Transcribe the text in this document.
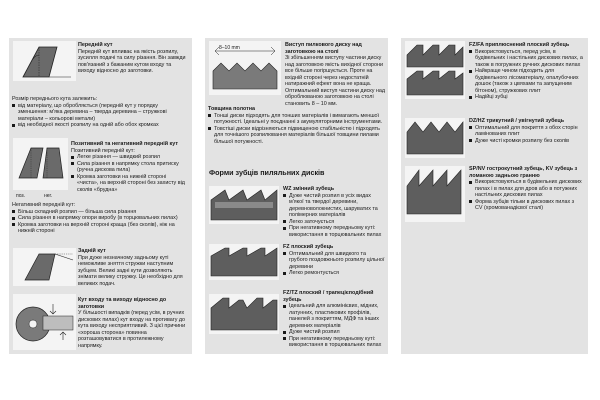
Передній кут
Передній кут впливає на якість розпилу, зусилля подачі та силу різання. Він завжди пов'язаний з бажаним кутом входу та виходу відносно до заготовки.
Розмір переднього кута залежить:
від матеріалу, що обробляється (передній кут у порядку зменшення: м'яка деревина – тверда деревина – стружкові матеріали – кольорові метали)
від необхідної якості розпилу на одній або обох кромках
поз.	нег.
Позитивний та негативний передній кут
Позитивний передній кут:
Легке різання — швидкий розпил
Сила різання в напрямку стола притиску (ручна дискова пила)
Кромка заготовки на нижній стороні «чиста», на верхній стороні без захисту від сколів «брудна»
Негативний передній кут:
Більш складний розпил — більша сила різання
Сила різання в напрямку опори виробу (в торцювальних пилах)
Кромка заготовки на верхній стороні краща (без сколів), ніж на нижній стороні
Задній кут
При дуже незначному задньому куті неможливе зняття стружки наступним зубцем. Великі задні кути дозволяють знімати велику стружку. Це необхідно для великих подач.
Кут входу та виходу відносно до заготовки
У більшості випадків (перед усім, в ручних дискових пилах) кут входу на противагу до кута виходу несприятливий. З цієї причини «хороша сторона» повинна розташовуватися в протилежному напрямку.
8–10 mm	Виступ пилкового диску над заготовкою на столі
Зі збільшенням виступу частини диску над заготовкою якість вихідної сторони все більше погіршується. Проте на вхідній стороні через недостатній натиражний ефект вона не краща. Оптимальний виступ частини диску над оброблюваною заготовкою на столі становить 8 – 10 мм.
Товщина полотна
Тонші диски підходять для тонших матеріалів і вимагають меншої потужності. Ідеальні у поєднанні з акумуляторними інструментами.
Товстіші диски відрізняються підвищеною стабільністю і підходять для точнішого розпилювання матеріалів більшої товщини пилами більшої потужності.
Форми зубців пиляльних дисків
WZ змінний зубець
Дуже чистий розпил в усіх видах м'якої та твердої деревини, деревноволокнистих, шаруватих та полімерних матеріалів
Легко заточується
При негативному передньому куті: використання в торцювальних пилах
FZ плоский зубець
Оптимальний для швидкого та грубого поздовжнього розпилу цільної деревини
Легко ремонтується
FZ/TZ плоский / трапецієподібний зубець
Ідеальний для алюмінієвих, мідних, латунних, пластикових профілів, панелей з покриттям, МДФ та інших деревних матеріалів
Дуже чистий розпил
При негативному передньому куті: використання в торцювальних пилах
FZ/FA приплюснений плоский зубець
Використовується, перед усім, в будівельних і настільних дискових пилах, а також в погружних ручних дискових пилах
Найкраще чином підходить для будівельного лісоматеріалу, опалубочних дошок (також з цвяхами та запущеним бітоном), стружкових плит
Надійці зубці
DZ/HZ трикутний / увігнутий зубець
Оптимальний для покриття з обох сторін ламінованих плит
Дуже чисті кромки розпилу без сколів
SP/NV гострокутний зубець, KV зубець з ломаною задньою гранню
Використовуються в будівельних дискових пилах і в пилах для дров або в потужних настільних дискових пилах
Форма зубців тільки в дискових пилах з CV (хромованадієвої сталі)
